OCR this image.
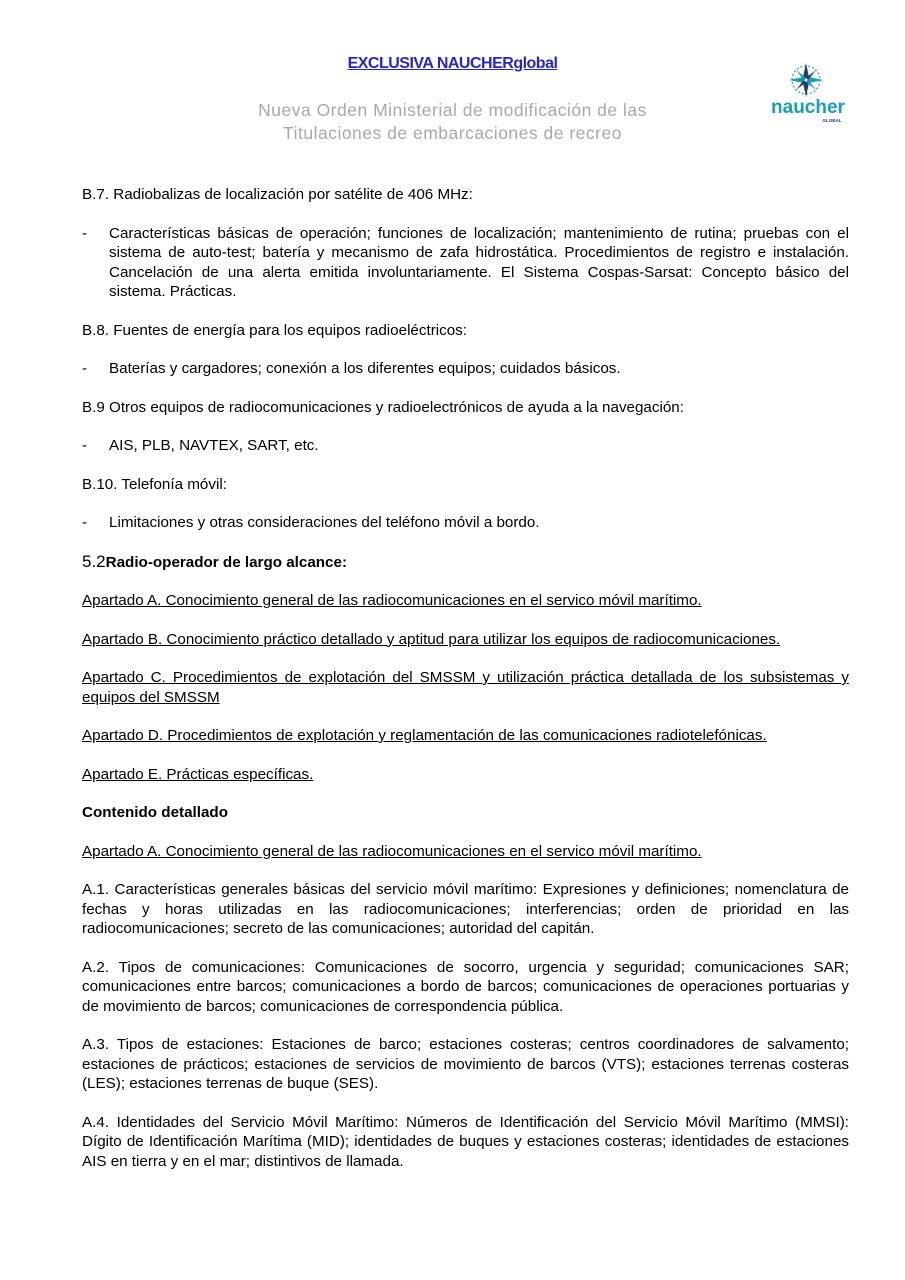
EXCLUSIVA NAUCHERglobal
Nueva Orden Ministerial de modificación de las
Titulaciones de embarcaciones de recreo
naucher
GLOBAL

B.7. Radiobalizas de localización por satélite de 406 MHz:

-	Características básicas de operación; funciones de localización; mantenimiento de rutina; pruebas con el sistema de auto-test; batería y mecanismo de zafa hidrostática. Procedimientos de registro e instalación. Cancelación de una alerta emitida involuntariamente. El Sistema Cospas-Sarsat: Concepto básico del sistema. Prácticas.

B.8. Fuentes de energía para los equipos radioeléctricos:

-	Baterías y cargadores; conexión a los diferentes equipos; cuidados básicos.

B.9 Otros equipos de radiocomunicaciones y radioelectrónicos de ayuda a la navegación:

-	AIS, PLB, NAVTEX, SART, etc.

B.10. Telefonía móvil:

-	Limitaciones y otras consideraciones del teléfono móvil a bordo.

5.2Radio-operador de largo alcance:

Apartado A. Conocimiento general de las radiocomunicaciones en el servico móvil marítimo.

Apartado B. Conocimiento práctico detallado y aptitud para utilizar los equipos de radiocomunicaciones.

Apartado C. Procedimientos de explotación del SMSSM y utilización práctica detallada de los subsistemas y equipos del SMSSM

Apartado D. Procedimientos de explotación y reglamentación de las comunicaciones radiotelefónicas.

Apartado E. Prácticas específicas.

Contenido detallado

Apartado A. Conocimiento general de las radiocomunicaciones en el servico móvil marítimo.

A.1. Características generales básicas del servicio móvil marítimo: Expresiones y definiciones; nomenclatura de fechas y horas utilizadas en las radiocomunicaciones; interferencias; orden de prioridad en las radiocomunicaciones; secreto de las comunicaciones; autoridad del capitán.

A.2. Tipos de comunicaciones: Comunicaciones de socorro, urgencia y seguridad; comunicaciones SAR; comunicaciones entre barcos; comunicaciones a bordo de barcos; comunicaciones de operaciones portuarias y de movimiento de barcos; comunicaciones de correspondencia pública.

A.3. Tipos de estaciones: Estaciones de barco; estaciones costeras; centros coordinadores de salvamento; estaciones de prácticos; estaciones de servicios de movimiento de barcos (VTS); estaciones terrenas costeras (LES); estaciones terrenas de buque (SES).

A.4. Identidades del Servicio Móvil Marítimo: Números de Identificación del Servicio Móvil Marítimo (MMSI): Dígito de Identificación Marítima (MID); identidades de buques y estaciones costeras; identidades de estaciones AIS en tierra y en el mar; distintivos de llamada.
